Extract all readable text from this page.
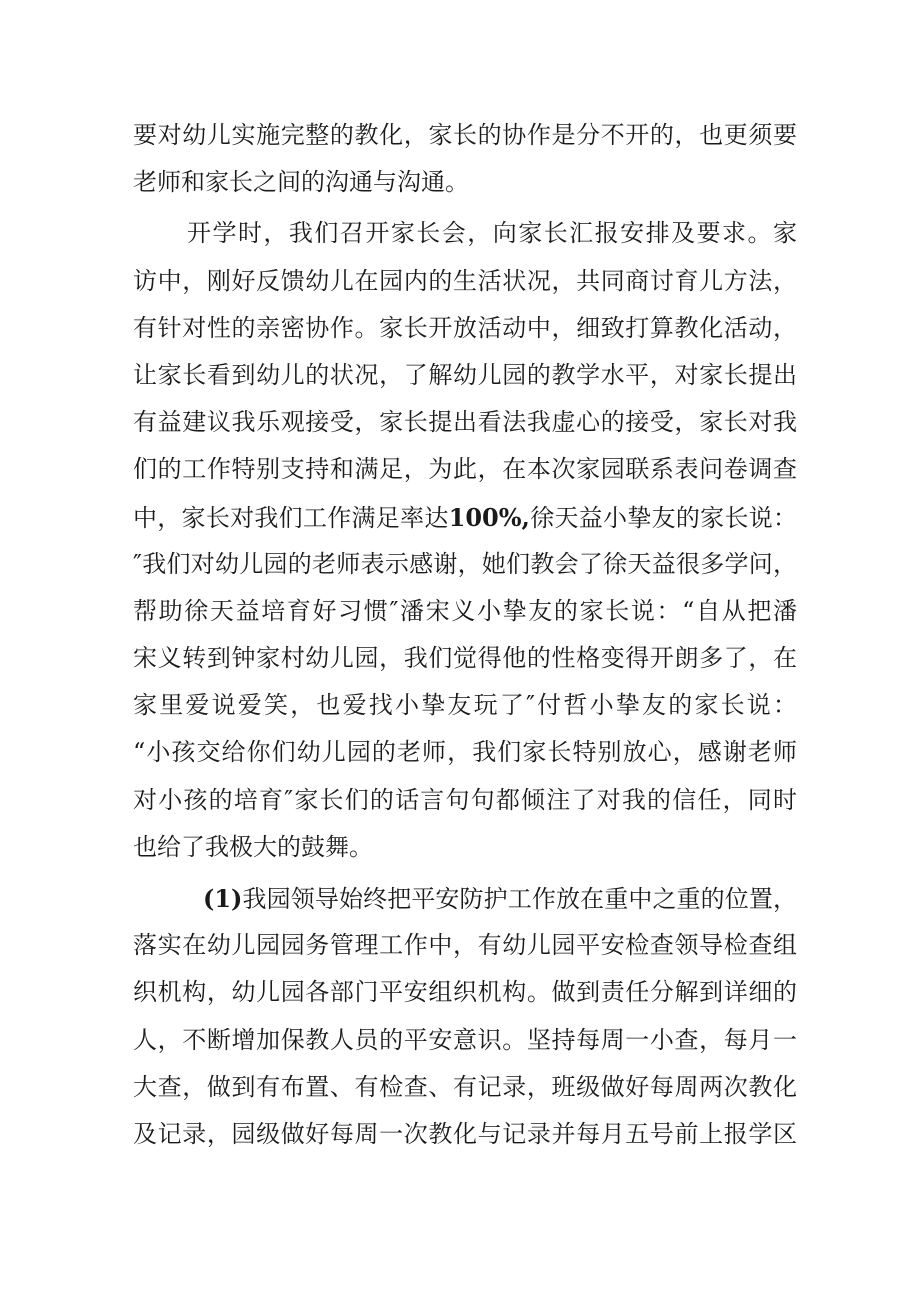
要对幼儿实施完整的教化，家长的协作是分不开的，也更须要
老师和家长之间的沟通与沟通。
开学时，我们召开家长会，向家长汇报安排及要求。家
访中，刚好反馈幼儿在园内的生活状况，共同商讨育儿方法，
有针对性的亲密协作。家长开放活动中，细致打算教化活动，
让家长看到幼儿的状况，了解幼儿园的教学水平，对家长提出
有益建议我乐观接受，家长提出看法我虚心的接受，家长对我
们的工作特别支持和满足，为此，在本次家园联系表问卷调查
中，家长对我们工作满足率达100%,徐天益小挚友的家长说：
″我们对幼儿园的老师表示感谢，她们教会了徐天益很多学问，
帮助徐天益培育好习惯″潘宋义小挚友的家长说：“自从把潘
宋义转到钟家村幼儿园，我们觉得他的性格变得开朗多了，在
家里爱说爱笑，也爱找小挚友玩了″付哲小挚友的家长说：
“小孩交给你们幼儿园的老师，我们家长特别放心，感谢老师
对小孩的培育″家长们的话言句句都倾注了对我的信任，同时
也给了我极大的鼓舞。
(1)我园领导始终把平安防护工作放在重中之重的位置，
落实在幼儿园园务管理工作中，有幼儿园平安检查领导检查组
织机构，幼儿园各部门平安组织机构。做到责任分解到详细的
人，不断增加保教人员的平安意识。坚持每周一小查，每月一
大查，做到有布置、有检查、有记录，班级做好每周两次教化
及记录，园级做好每周一次教化与记录并每月五号前上报学区
